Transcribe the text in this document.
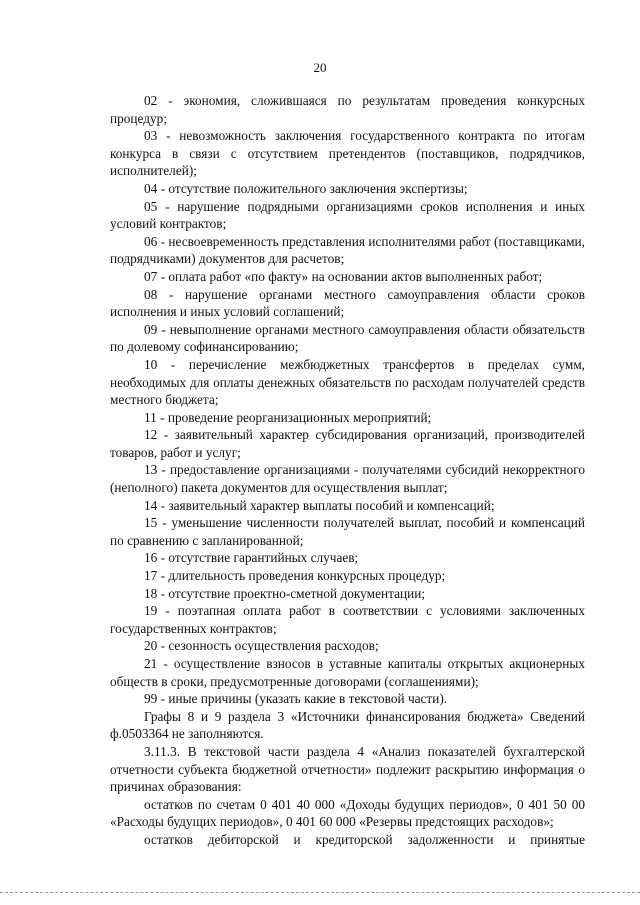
20

02 - экономия, сложившаяся по результатам проведения конкурсных процедур;

03 - невозможность заключения государственного контракта по итогам конкурса в связи с отсутствием претендентов (поставщиков, подрядчиков, исполнителей);

04 - отсутствие положительного заключения экспертизы;

05 - нарушение подрядными организациями сроков исполнения и иных условий контрактов;

06 - несвоевременность представления исполнителями работ (поставщиками, подрядчиками) документов для расчетов;

07 - оплата работ «по факту» на основании актов выполненных работ;

08 - нарушение органами местного самоуправления области сроков исполнения и иных условий соглашений;

09 - невыполнение органами местного самоуправления области обязательств по долевому софинансированию;

10 - перечисление межбюджетных трансфертов в пределах сумм, необходимых для оплаты денежных обязательств по расходам получателей средств местного бюджета;

11 - проведение реорганизационных мероприятий;

12 - заявительный характер субсидирования организаций, производителей товаров, работ и услуг;

13 - предоставление организациями - получателями субсидий некорректного (неполного) пакета документов для осуществления выплат;

14 - заявительный характер выплаты пособий и компенсаций;

15 - уменьшение численности получателей выплат, пособий и компенсаций по сравнению с запланированной;

16 - отсутствие гарантийных случаев;

17 - длительность проведения конкурсных процедур;

18 - отсутствие проектно-сметной документации;

19 - поэтапная оплата работ в соответствии с условиями заключенных государственных контрактов;

20 - сезонность осуществления расходов;

21 - осуществление взносов в уставные капиталы открытых акционерных обществ в сроки, предусмотренные договорами (соглашениями);

99 - иные причины (указать какие в текстовой части).

Графы 8 и 9 раздела 3 «Источники финансирования бюджета» Сведений ф.0503364 не заполняются.

3.11.3. В текстовой части раздела 4 «Анализ показателей бухгалтерской отчетности субъекта бюджетной отчетности» подлежит раскрытию информация о причинах образования:

остатков по счетам 0 401 40 000 «Доходы будущих периодов», 0 401 50 00 «Расходы будущих периодов», 0 401 60 000 «Резервы предстоящих расходов»;

остатков дебиторской и кредиторской задолженности и принятые
